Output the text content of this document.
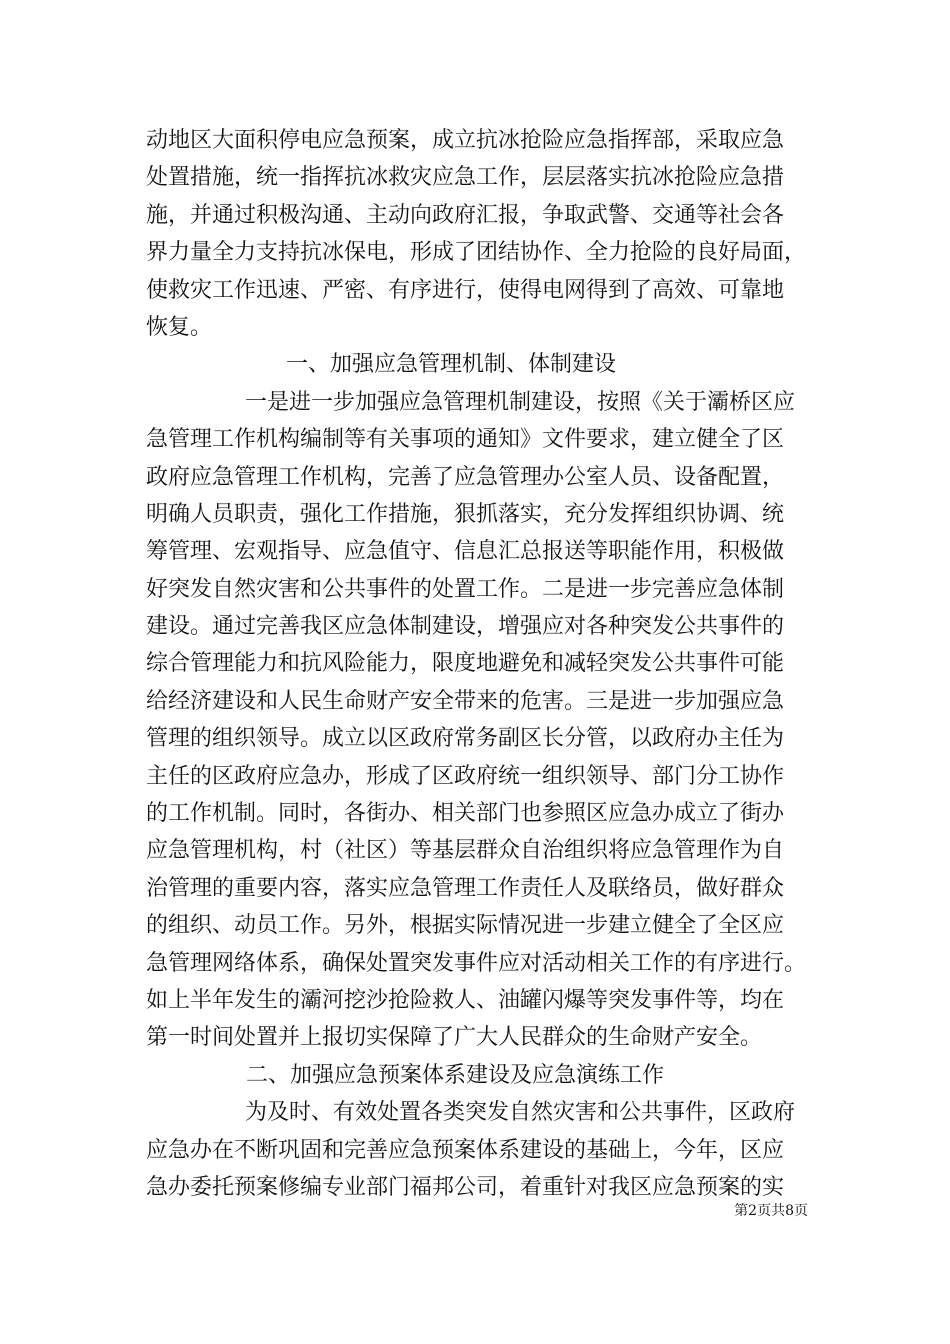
动地区大面积停电应急预案，成立抗冰抢险应急指挥部，采取应急
处置措施，统一指挥抗冰救灾应急工作，层层落实抗冰抢险应急措
施，并通过积极沟通、主动向政府汇报，争取武警、交通等社会各
界力量全力支持抗冰保电，形成了团结协作、全力抢险的良好局面，
使救灾工作迅速、严密、有序进行，使得电网得到了高效、可靠地
恢复。
一、加强应急管理机制、体制建设
一是进一步加强应急管理机制建设，按照《关于灞桥区应
急管理工作机构编制等有关事项的通知》文件要求，建立健全了区
政府应急管理工作机构，完善了应急管理办公室人员、设备配置，
明确人员职责，强化工作措施，狠抓落实，充分发挥组织协调、统
筹管理、宏观指导、应急值守、信息汇总报送等职能作用，积极做
好突发自然灾害和公共事件的处置工作。二是进一步完善应急体制
建设。通过完善我区应急体制建设，增强应对各种突发公共事件的
综合管理能力和抗风险能力，限度地避免和减轻突发公共事件可能
给经济建设和人民生命财产安全带来的危害。三是进一步加强应急
管理的组织领导。成立以区政府常务副区长分管，以政府办主任为
主任的区政府应急办，形成了区政府统一组织领导、部门分工协作
的工作机制。同时，各街办、相关部门也参照区应急办成立了街办
应急管理机构，村（社区）等基层群众自治组织将应急管理作为自
治管理的重要内容，落实应急管理工作责任人及联络员，做好群众
的组织、动员工作。另外，根据实际情况进一步建立健全了全区应
急管理网络体系，确保处置突发事件应对活动相关工作的有序进行。
如上半年发生的灞河挖沙抢险救人、油罐闪爆等突发事件等，均在
第一时间处置并上报切实保障了广大人民群众的生命财产安全。
二、加强应急预案体系建设及应急演练工作
为及时、有效处置各类突发自然灾害和公共事件，区政府
应急办在不断巩固和完善应急预案体系建设的基础上，今年，区应
急办委托预案修编专业部门福邦公司，着重针对我区应急预案的实
第2页共8页
